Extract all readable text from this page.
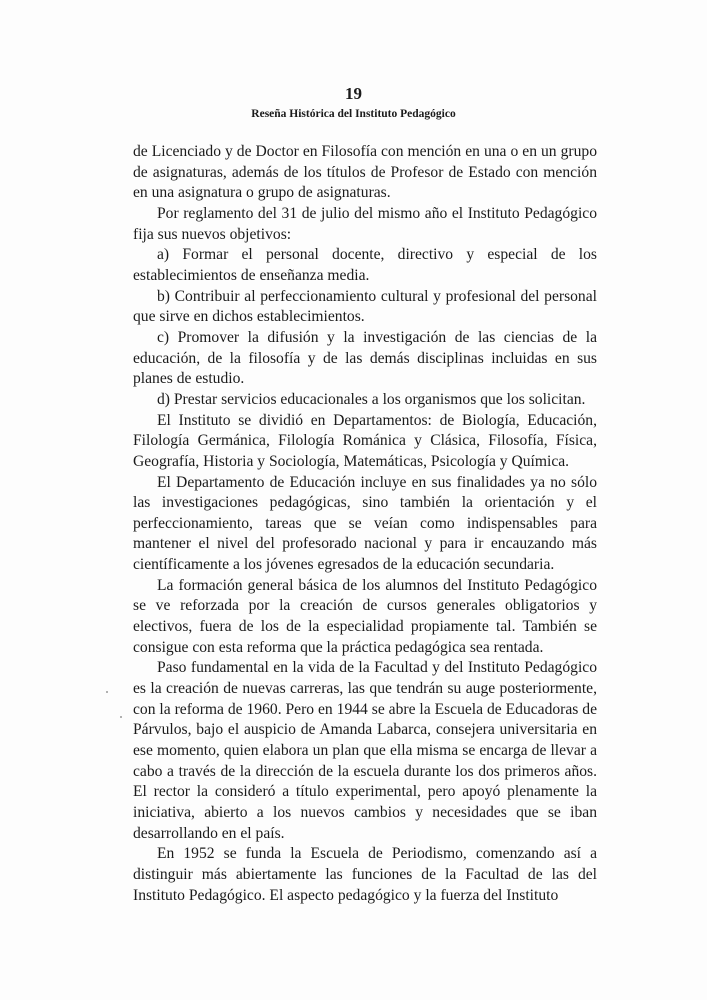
19
Reseña Histórica del Instituto Pedagógico

de Licenciado y de Doctor en Filosofía con mención en una o en un grupo de asignaturas, además de los títulos de Profesor de Estado con mención en una asignatura o grupo de asignaturas.

Por reglamento del 31 de julio del mismo año el Instituto Pedagógico fija sus nuevos objetivos:

a) Formar el personal docente, directivo y especial de los establecimientos de enseñanza media.

b) Contribuir al perfeccionamiento cultural y profesional del personal que sirve en dichos establecimientos.

c) Promover la difusión y la investigación de las ciencias de la educación, de la filosofía y de las demás disciplinas incluidas en sus planes de estudio.

d) Prestar servicios educacionales a los organismos que los solicitan.

El Instituto se dividió en Departamentos: de Biología, Educación, Filología Germánica, Filología Románica y Clásica, Filosofía, Física, Geografía, Historia y Sociología, Matemáticas, Psicología y Química.

El Departamento de Educación incluye en sus finalidades ya no sólo las investigaciones pedagógicas, sino también la orientación y el perfeccionamiento, tareas que se veían como indispensables para mantener el nivel del profesorado nacional y para ir encauzando más científicamente a los jóvenes egresados de la educación secundaria.

La formación general básica de los alumnos del Instituto Pedagógico se ve reforzada por la creación de cursos generales obligatorios y electivos, fuera de los de la especialidad propiamente tal. También se consigue con esta reforma que la práctica pedagógica sea rentada.

Paso fundamental en la vida de la Facultad y del Instituto Pedagógico es la creación de nuevas carreras, las que tendrán su auge posteriormente, con la reforma de 1960. Pero en 1944 se abre la Escuela de Educadoras de Párvulos, bajo el auspicio de Amanda Labarca, consejera universitaria en ese momento, quien elabora un plan que ella misma se encarga de llevar a cabo a través de la dirección de la escuela durante los dos primeros años. El rector la consideró a título experimental, pero apoyó plenamente la iniciativa, abierto a los nuevos cambios y necesidades que se iban desarrollando en el país.

En 1952 se funda la Escuela de Periodismo, comenzando así a distinguir más abiertamente las funciones de la Facultad de las del Instituto Pedagógico. El aspecto pedagógico y la fuerza del Instituto
